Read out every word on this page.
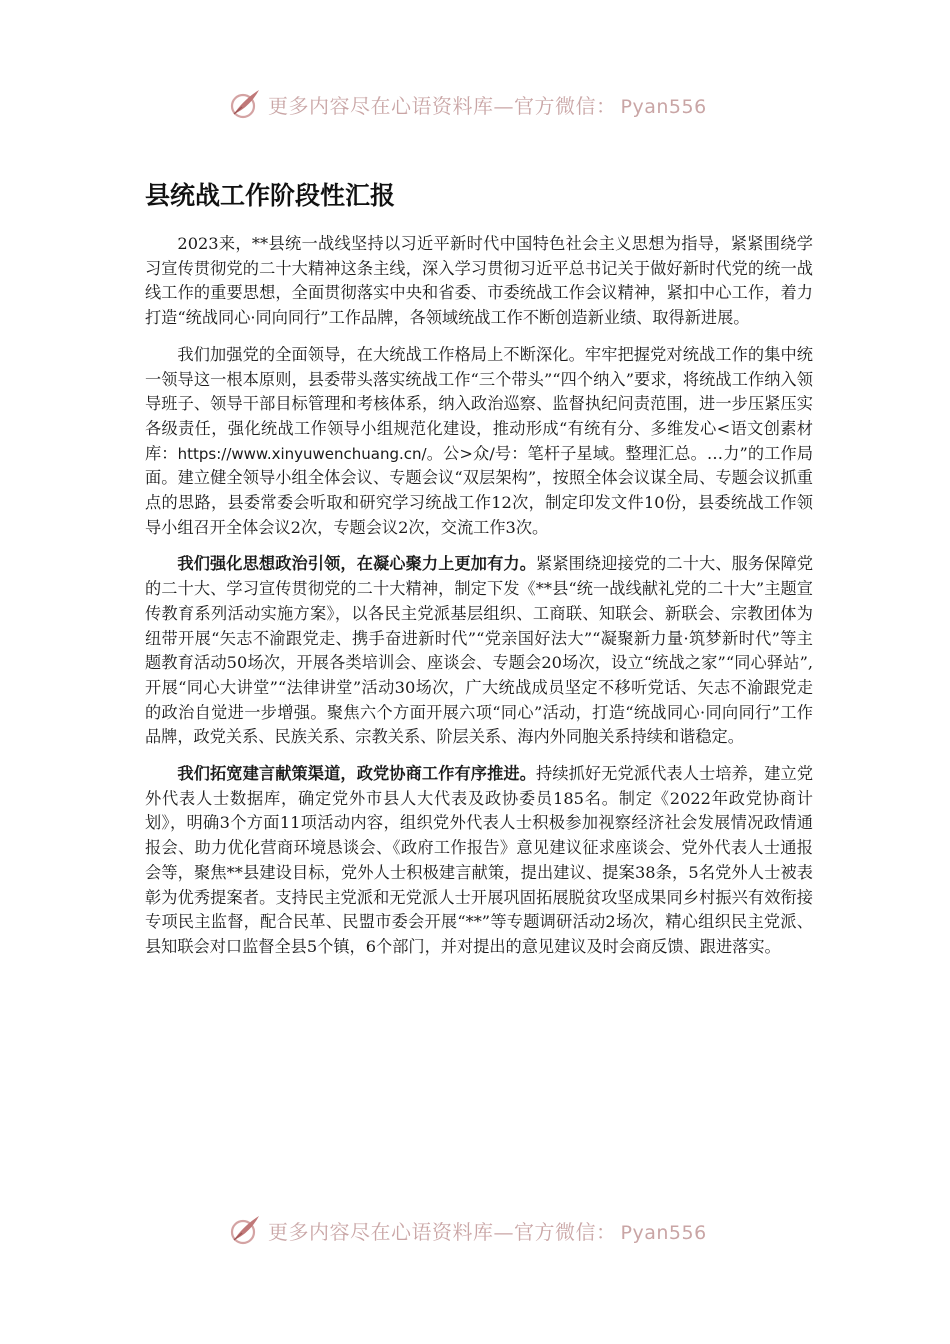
更多内容尽在心语资料库—官方微信： Pyan556
县统战工作阶段性汇报

2023来，**县统一战线坚持以习近平新时代中国特色社会主义思想为指导，紧紧围绕学习宣传贯彻党的二十大精神这条主线，深入学习贯彻习近平总书记关于做好新时代党的统一战线工作的重要思想，全面贯彻落实中央和省委、市委统战工作会议精神，紧扣中心工作，着力打造“统战同心·同向同行”工作品牌，各领域统战工作不断创造新业绩、取得新进展。

我们加强党的全面领导，在大统战工作格局上不断深化。牢牢把握党对统战工作的集中统一领导这一根本原则，县委带头落实统战工作“三个带头”“四个纳入”要求，将统战工作纳入领导班子、领导干部目标管理和考核体系，纳入政治巡察、监督执纪问责范围，进一步压紧压实各级责任，强化统战工作领导小组规范化建设，推动形成“有统有分、多维发心<语文创素材库：https://www.xinyuwenchuang.cn/。公>众/号：笔杆子星域。整理汇总。…力”的工作局面。建立健全领导小组全体会议、专题会议“双层架构”，按照全体会议谋全局、专题会议抓重点的思路，县委常委会听取和研究学习统战工作12次，制定印发文件10份，县委统战工作领导小组召开全体会议2次，专题会议2次，交流工作3次。

我们强化思想政治引领，在凝心聚力上更加有力。紧紧围绕迎接党的二十大、服务保障党的二十大、学习宣传贯彻党的二十大精神，制定下发《**县“统一战线献礼党的二十大”主题宣传教育系列活动实施方案》，以各民主党派基层组织、工商联、知联会、新联会、宗教团体为纽带开展“矢志不渝跟党走、携手奋进新时代”“党亲国好法大”“凝聚新力量·筑梦新时代”等主题教育活动50场次，开展各类培训会、座谈会、专题会20场次，设立“统战之家”“同心驿站”,开展“同心大讲堂”“法律讲堂”活动30场次，广大统战成员坚定不移听党话、矢志不渝跟党走的政治自觉进一步增强。聚焦六个方面开展六项“同心”活动，打造“统战同心·同向同行”工作品牌，政党关系、民族关系、宗教关系、阶层关系、海内外同胞关系持续和谐稳定。

我们拓宽建言献策渠道，政党协商工作有序推进。持续抓好无党派代表人士培养，建立党外代表人士数据库，确定党外市县人大代表及政协委员185名。制定《2022年政党协商计划》，明确3个方面11项活动内容，组织党外代表人士积极参加视察经济社会发展情况政情通报会、助力优化营商环境恳谈会、《政府工作报告》意见建议征求座谈会、党外代表人士通报会等，聚焦**县建设目标，党外人士积极建言献策，提出建议、提案38条，5名党外人士被表彰为优秀提案者。支持民主党派和无党派人士开展巩固拓展脱贫攻坚成果同乡村振兴有效衔接专项民主监督，配合民革、民盟市委会开展“**”等专题调研活动2场次，精心组织民主党派、县知联会对口监督全县5个镇，6个部门，并对提出的意见建议及时会商反馈、跟进落实。

更多内容尽在心语资料库—官方微信： Pyan556
